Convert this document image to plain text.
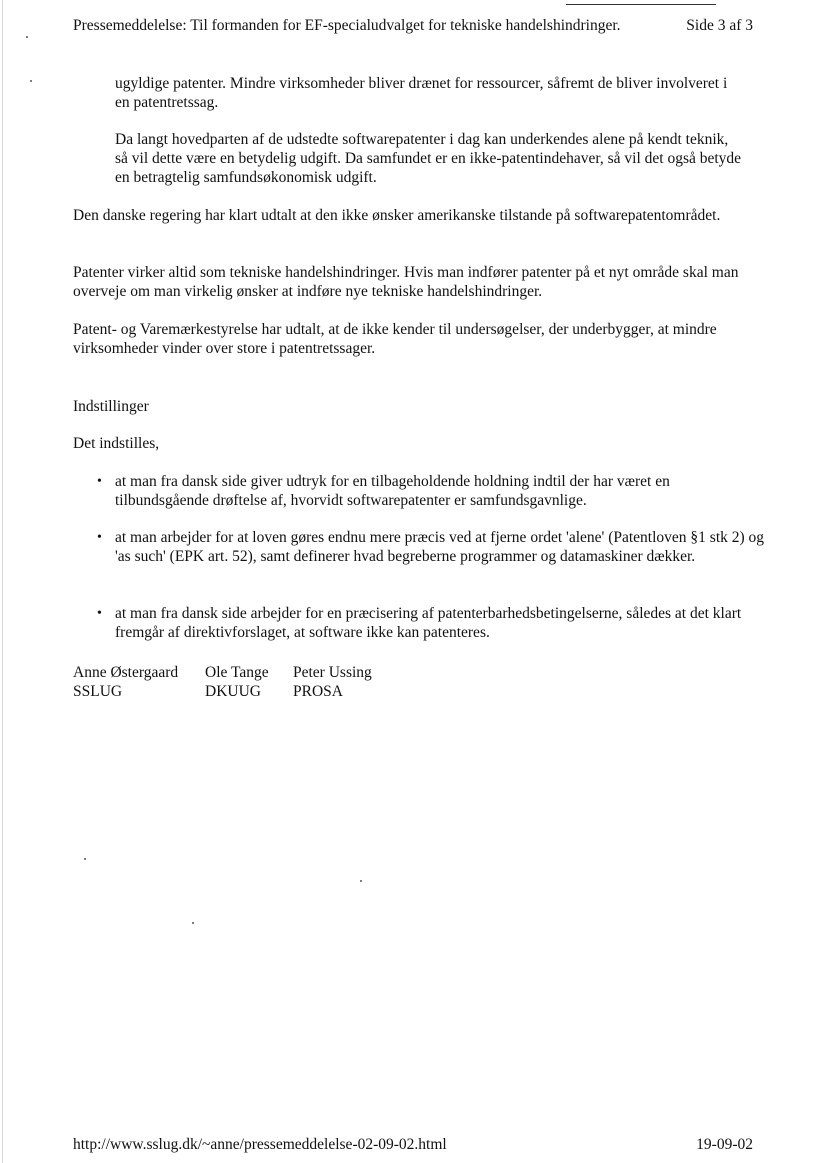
Pressemeddelelse: Til formanden for EF-specialudvalget for tekniske handelshindringer.	Side 3 af 3
ugyldige patenter. Mindre virksomheder bliver drænet for ressourcer, såfremt de bliver involveret i en patentretssag.
Da langt hovedparten af de udstedte softwarepatenter i dag kan underkendes alene på kendt teknik, så vil dette være en betydelig udgift. Da samfundet er en ikke-patentindehaver, så vil det også betyde en betragtelig samfundsøkonomisk udgift.
Den danske regering har klart udtalt at den ikke ønsker amerikanske tilstande på softwarepatentområdet.
Patenter virker altid som tekniske handelshindringer. Hvis man indfører patenter på et nyt område skal man overveje om man virkelig ønsker at indføre nye tekniske handelshindringer.
Patent- og Varemærkestyrelse har udtalt, at de ikke kender til undersøgelser, der underbygger, at mindre virksomheder vinder over store i patentretssager.
Indstillinger
Det indstilles,
• at man fra dansk side giver udtryk for en tilbageholdende holdning indtil der har været en tilbundsgående drøftelse af, hvorvidt softwarepatenter er samfundsgavnlige.
• at man arbejder for at loven gøres endnu mere præcis ved at fjerne ordet 'alene' (Patentloven §1 stk 2) og 'as such' (EPK art. 52), samt definerer hvad begreberne programmer og datamaskiner dækker.
• at man fra dansk side arbejder for en præcisering af patenterbarhedsbetingelserne, således at det klart fremgår af direktivforslaget, at software ikke kan patenteres.
Anne Østergaard
SSLUG
Ole Tange
DKUUG
Peter Ussing
PROSA
http://www.sslug.dk/~anne/pressemeddelelse-02-09-02.html	19-09-02
